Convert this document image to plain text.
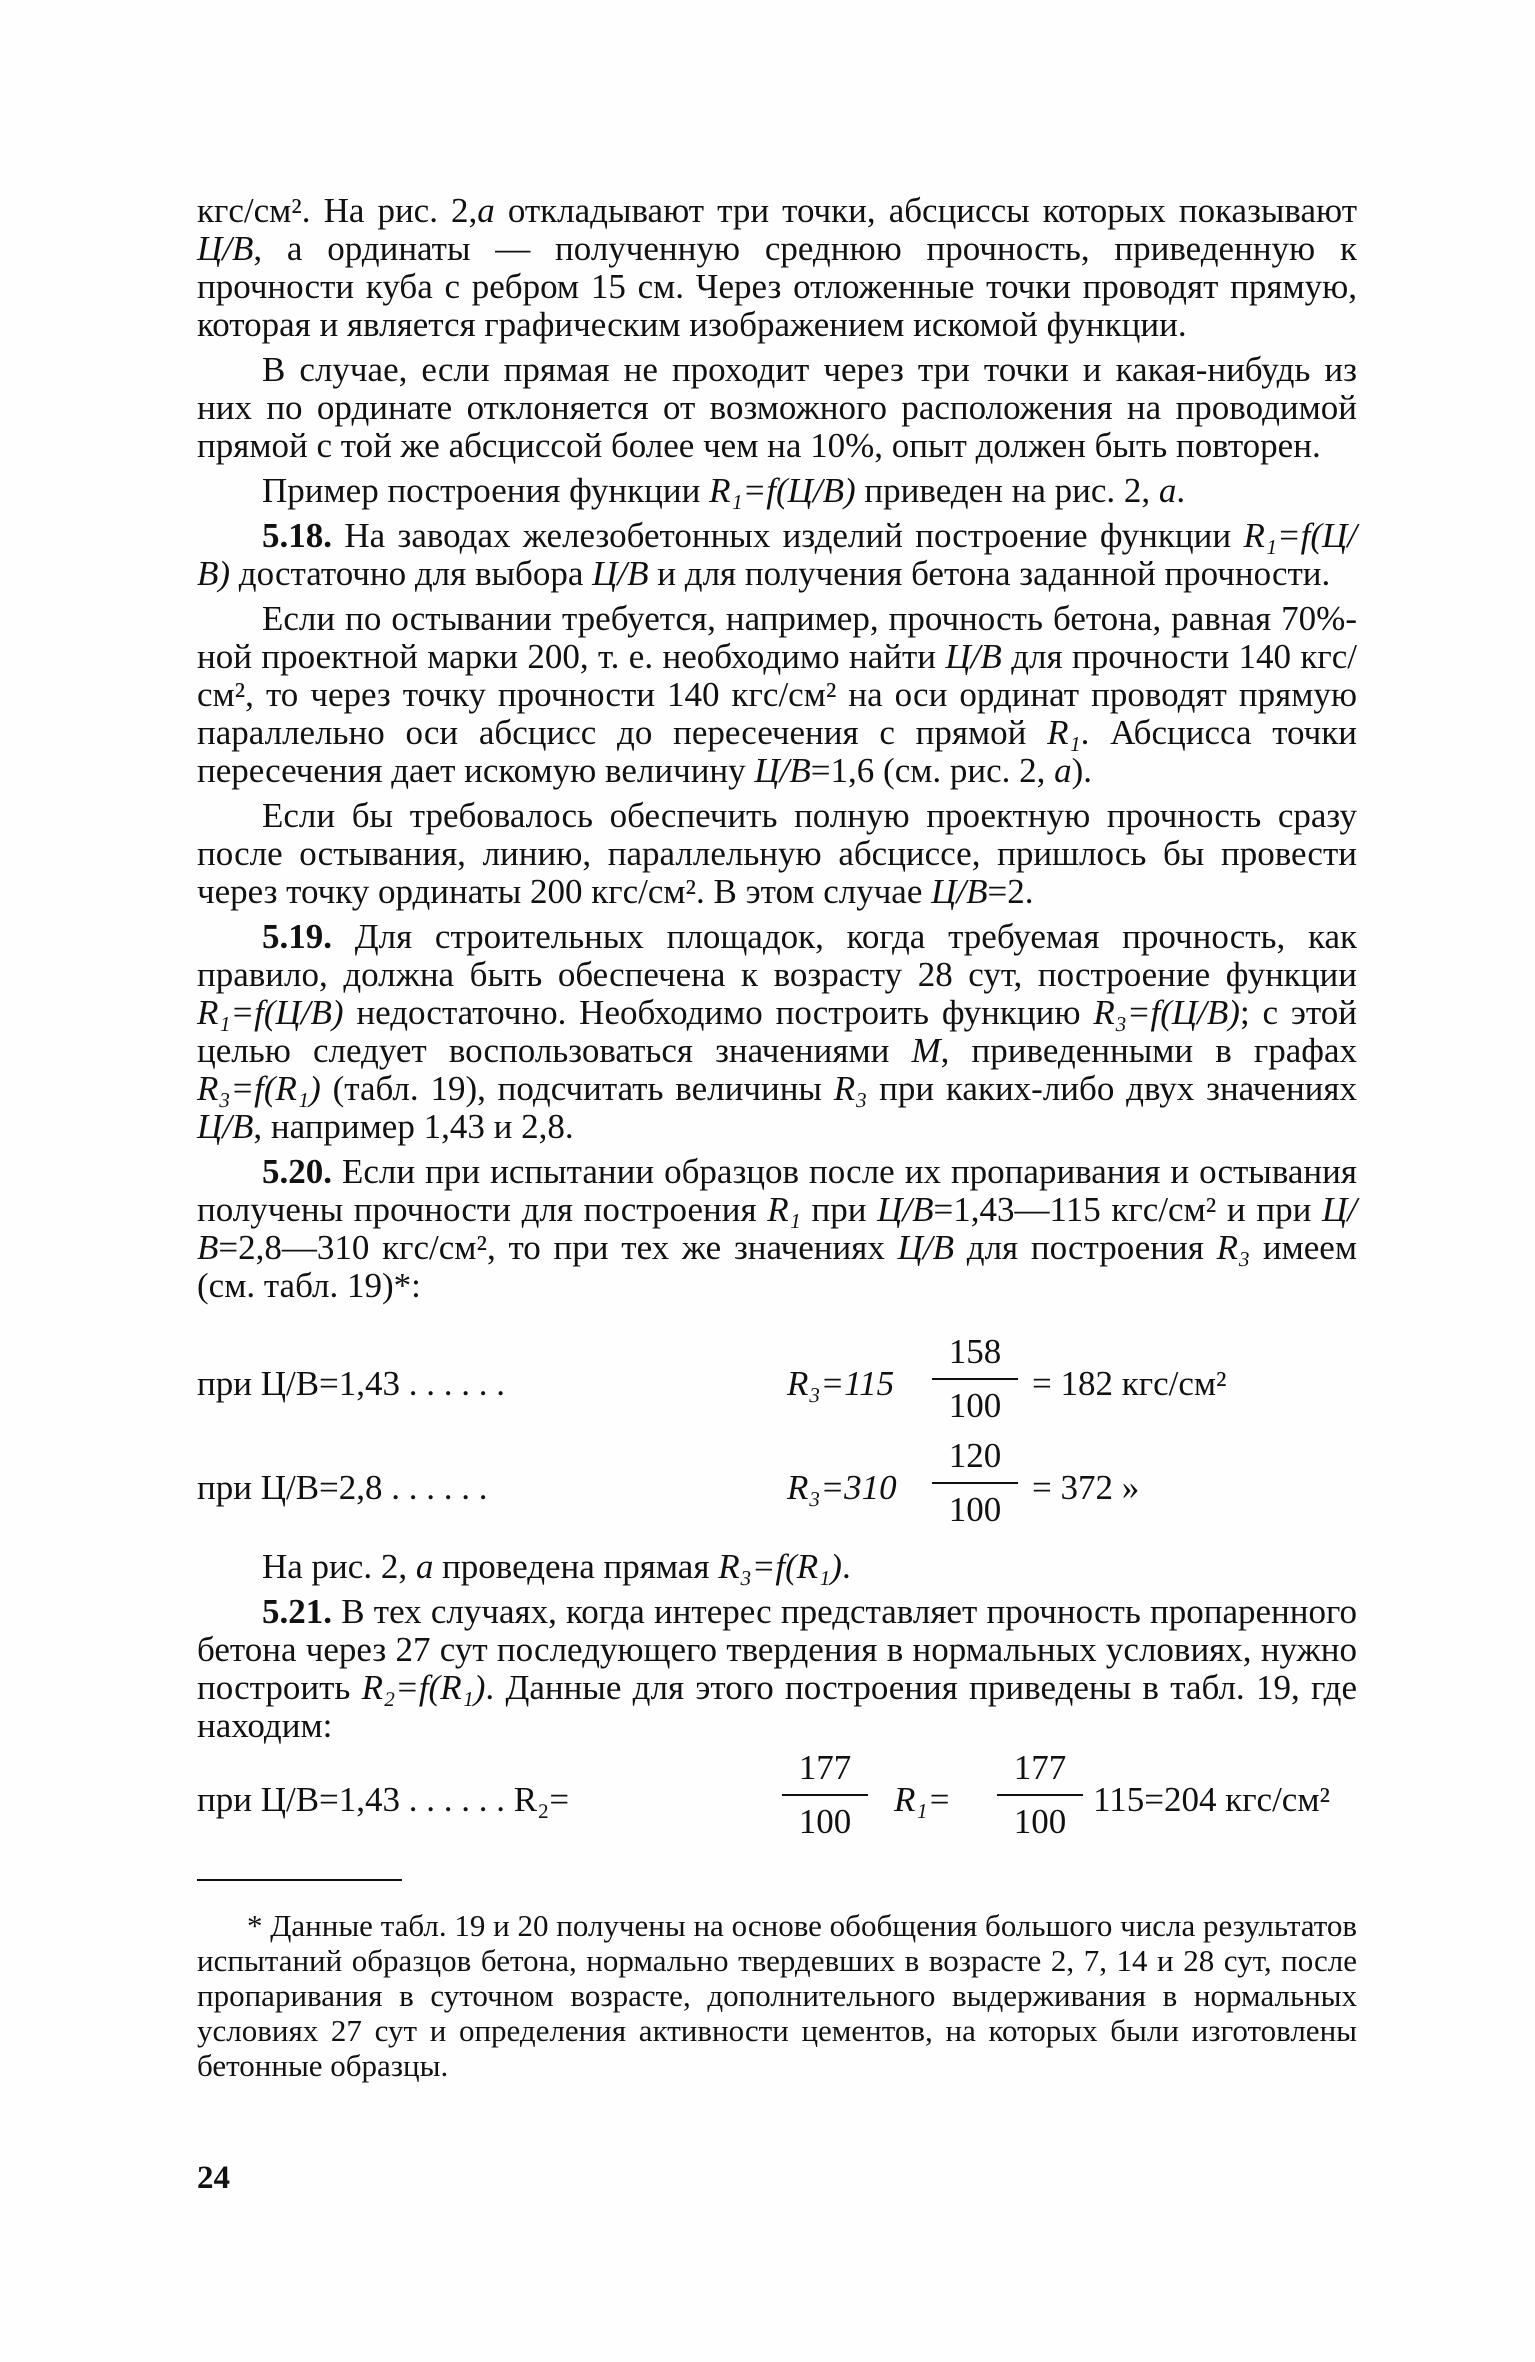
кгс/см². На рис. 2,а откладывают три точки, абсциссы которых показывают Ц/В, а ординаты — полученную среднюю прочность, приведенную к прочности куба с ребром 15 см. Через отложенные точки проводят прямую, которая и является графическим изображением искомой функции.

В случае, если прямая не проходит через три точки и какая-нибудь из них по ординате отклоняется от возможного расположения на проводимой прямой с той же абсциссой более чем на 10%, опыт должен быть повторен.

Пример построения функции R₁=f(Ц/В) приведен на рис. 2, а.

5.18. На заводах железобетонных изделий построение функции R₁=f(Ц/В) достаточно для выбора Ц/В и для получения бетона заданной прочности.

Если по остывании требуется, например, прочность бетона, равная 70%-ной проектной марки 200, т. е. необходимо найти Ц/В для прочности 140 кгс/см², то через точку прочности 140 кгс/см² на оси ординат проводят прямую параллельно оси абсцисс до пересечения с прямой R₁. Абсцисса точки пересечения дает искомую величину Ц/В=1,6 (см. рис. 2, а).

Если бы требовалось обеспечить полную проектную прочность сразу после остывания, линию, параллельную абсциссе, пришлось бы провести через точку ординаты 200 кгс/см². В этом случае Ц/В=2.

5.19. Для строительных площадок, когда требуемая прочность, как правило, должна быть обеспечена к возрасту 28 сут, построение функции R₁=f(Ц/В) недостаточно. Необходимо построить функцию R₃=f(Ц/В); с этой целью следует воспользоваться значениями М, приведенными в графах R₃=f(R₁) (табл. 19), подсчитать величины R₃ при каких-либо двух значениях Ц/В, например 1,43 и 2,8.

5.20. Если при испытании образцов после их пропаривания и остывания получены прочности для построения R₁ при Ц/В=1,43—115 кгс/см² и при Ц/В=2,8—310 кгс/см², то при тех же значениях Ц/В для построения R₃ имеем (см. табл. 19)*:

при Ц/В=1,43 . . . . . .	R₃=115
158
100
= 182 кгс/см²
при Ц/В=2,8 . . . . . .	R₃=310
120
100
= 372 »

На рис. 2, а проведена прямая R₃=f(R₁).

5.21. В тех случаях, когда интерес представляет прочность пропаренного бетона через 27 сут последующего твердения в нормальных условиях, нужно построить R₂=f(R₁). Данные для этого построения приведены в табл. 19, где находим:

при Ц/В=1,43 . . . . . . R₂=
177
100
R₁=
177
100
115=204 кгс/см²

* Данные табл. 19 и 20 получены на основе обобщения большого числа результатов испытаний образцов бетона, нормально твердевших в возрасте 2, 7, 14 и 28 сут, после пропаривания в суточном возрасте, дополнительного выдерживания в нормальных условиях 27 сут и определения активности цементов, на которых были изготовлены бетонные образцы.

24
